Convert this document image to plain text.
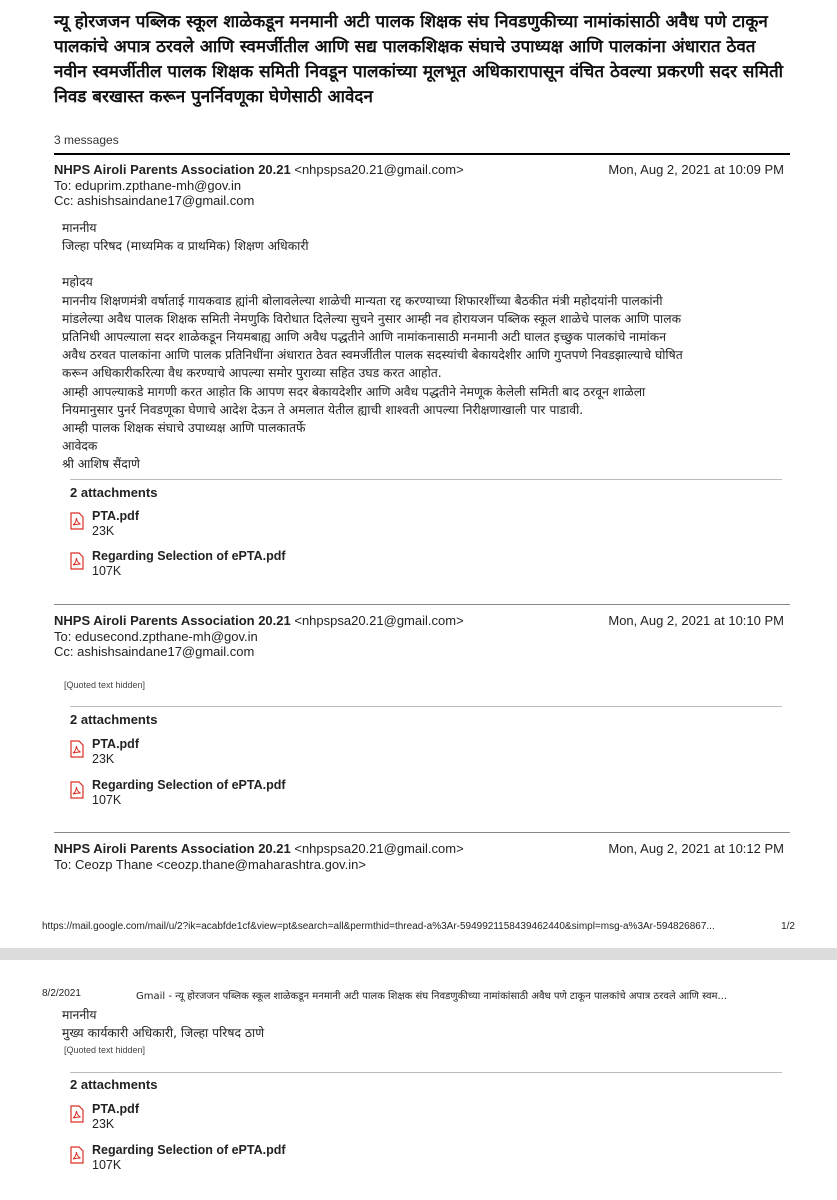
न्यू होरजजन पब्लिक स्कूल शाळेकडून मनमानी अटी पालक शिक्षक संघ निवडणुकीच्या नामांकांसाठी अवैध पणे टाकून पालकांचे अपात्र ठरवले आणि स्वमर्जीतील आणि सद्य पालकशिक्षक संघाचे उपाध्यक्ष आणि पालकांना अंधारात ठेवत नवीन स्वमर्जीतील पालक शिक्षक समिती निवडून पालकांच्या मूलभूत अधिकारापासून वंचित ठेवल्या प्रकरणी सदर समिती निवड बरखास्त करून पुनर्निवणूका घेणेसाठी आवेदन

3 messages
NHPS Airoli Parents Association 20.21 <nhpspsa20.21@gmail.com>	Mon, Aug 2, 2021 at 10:09 PM
To: eduprim.zpthane-mh@gov.in
Cc: ashishsaindane17@gmail.com

माननीय

जिल्हा परिषद (माध्यमिक व प्राथमिक) शिक्षण अधिकारी

महोदय

माननीय शिक्षणमंत्री वर्षाताई गायकवाड ह्यांनी बोलावलेल्या शाळेची मान्यता रद्द करण्याच्या शिफारशींच्या बैठकीत मंत्री महोदयांनी पालकांनी

मांडलेल्या अवैध पालक शिक्षक समिती नेमणुकि विरोधात दिलेल्या सुचने नुसार आम्ही नव होरायजन पब्लिक स्कूल शाळेचे पालक आणि पालक

प्रतिनिधी आपल्याला सदर शाळेकडून नियमबाह्य आणि अवैध पद्धतीने आणि नामांकनासाठी मनमानी अटी घालत इच्छुक पालकांचे नामांकन

अवैध ठरवत पालकांना आणि पालक प्रतिनिधींना अंधारात ठेवत स्वमर्जीतील पालक सदस्यांची बेकायदेशीर आणि गुप्तपणे निवडझाल्याचे घोषित

करून अधिकारीकरित्या वैध करण्याचे आपल्या समोर पुराव्या सहित उघड करत आहोत.

आम्ही आपल्याकडे मागणी करत आहोत कि आपण सदर बेकायदेशीर आणि अवैध पद्धतीने नेमणूक केलेली समिती बाद ठरवून शाळेला

नियमानुसार पुनर्र निवडणूका घेणाचे आदेश देऊन ते अमलात येतील ह्याची शाश्वती आपल्या निरीक्षणाखाली पार पाडावी.

आम्ही पालक शिक्षक संघाचे उपाध्यक्ष आणि पालकातर्फे

आवेदक

श्री आशिष सैंदाणे

2 attachments
PTA.pdf
23K
Regarding Selection of ePTA.pdf
107K
NHPS Airoli Parents Association 20.21 <nhpspsa20.21@gmail.com>	Mon, Aug 2, 2021 at 10:10 PM
To: edusecond.zpthane-mh@gov.in
Cc: ashishsaindane17@gmail.com
[Quoted text hidden]
2 attachments
PTA.pdf
23K
Regarding Selection of ePTA.pdf
107K
NHPS Airoli Parents Association 20.21 <nhpspsa20.21@gmail.com>	Mon, Aug 2, 2021 at 10:12 PM
To: Ceozp Thane <ceozp.thane@maharashtra.gov.in>
https://mail.google.com/mail/u/2?ik=acabfde1cf&view=pt&search=all&permthid=thread-a%3Ar-5949921158439462440&simpl=msg-a%3Ar-594826867...	1/2
8/2/2021	Gmail - न्यू होरजजन पब्लिक स्कूल शाळेकडून मनमानी अटी पालक शिक्षक संघ निवडणुकीच्या नामांकांसाठी अवैध पणे टाकून पालकांचे अपात्र ठरवले आणि स्वम...

माननीय

मुख्य कार्यकारी अधिकारी, जिल्हा परिषद ठाणे

[Quoted text hidden]
2 attachments
PTA.pdf
23K
Regarding Selection of ePTA.pdf
107K
